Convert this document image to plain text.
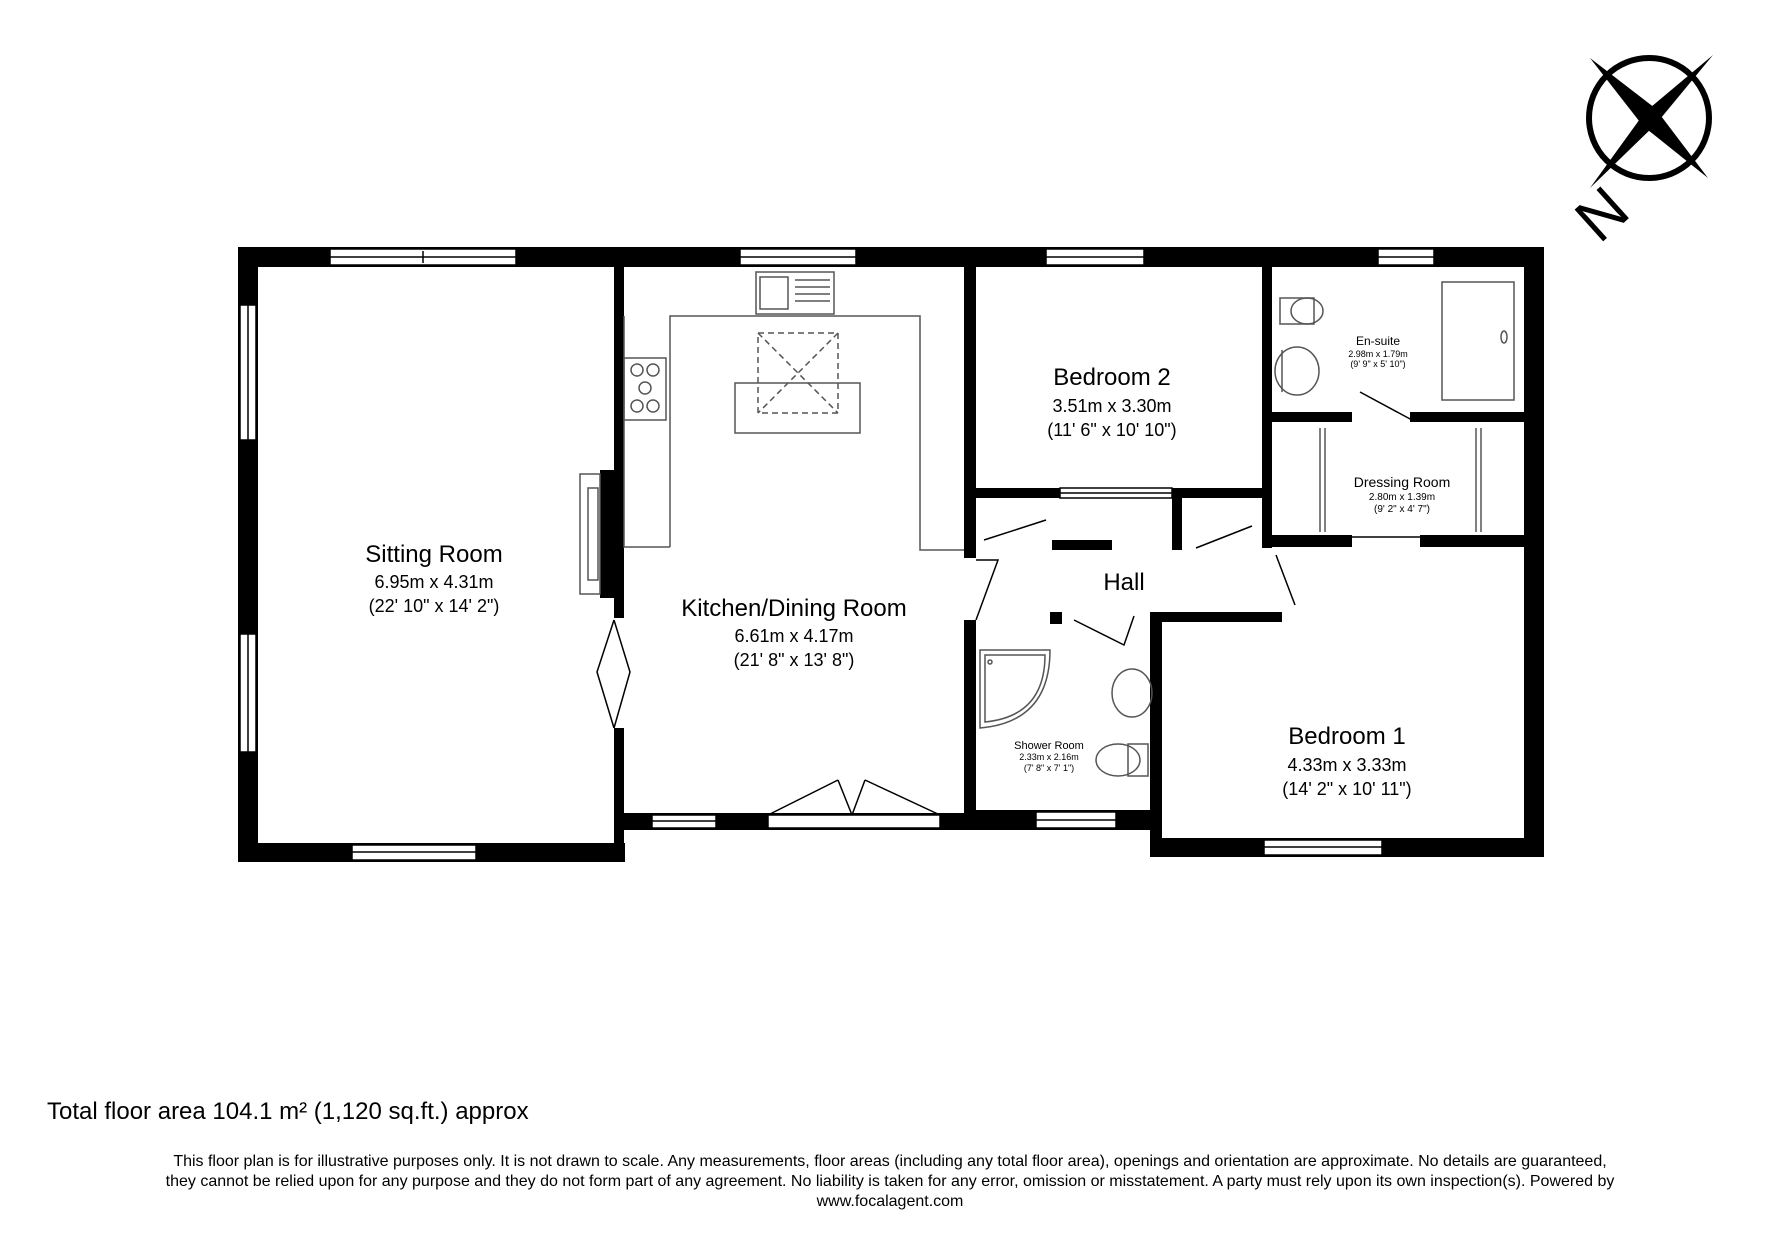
N
Sitting Room
6.95m x 4.31m
(22' 10" x 14' 2")	Kitchen/Dining Room
6.61m x 4.17m
(21' 8" x 13' 8")
Bedroom 2
3.51m x 3.30m
(11' 6" x 10' 10")
En-suite
2.98m x 1.79m
(9' 9" x 5' 10")
Dressing Room
2.80m x 1.39m
(9' 2" x 4' 7")
Hall
Shower Room
2.33m x 2.16m
(7' 8" x 7' 1")
Bedroom 1
4.33m x 3.33m
(14' 2" x 10' 11")
Total floor area 104.1 m² (1,120 sq.ft.) approx
This floor plan is for illustrative purposes only. It is not drawn to scale. Any measurements, floor areas (including any total floor area), openings and orientation are approximate. No details are guaranteed,
they cannot be relied upon for any purpose and they do not form part of any agreement. No liability is taken for any error, omission or misstatement. A party must rely upon its own inspection(s). Powered by
www.focalagent.com
